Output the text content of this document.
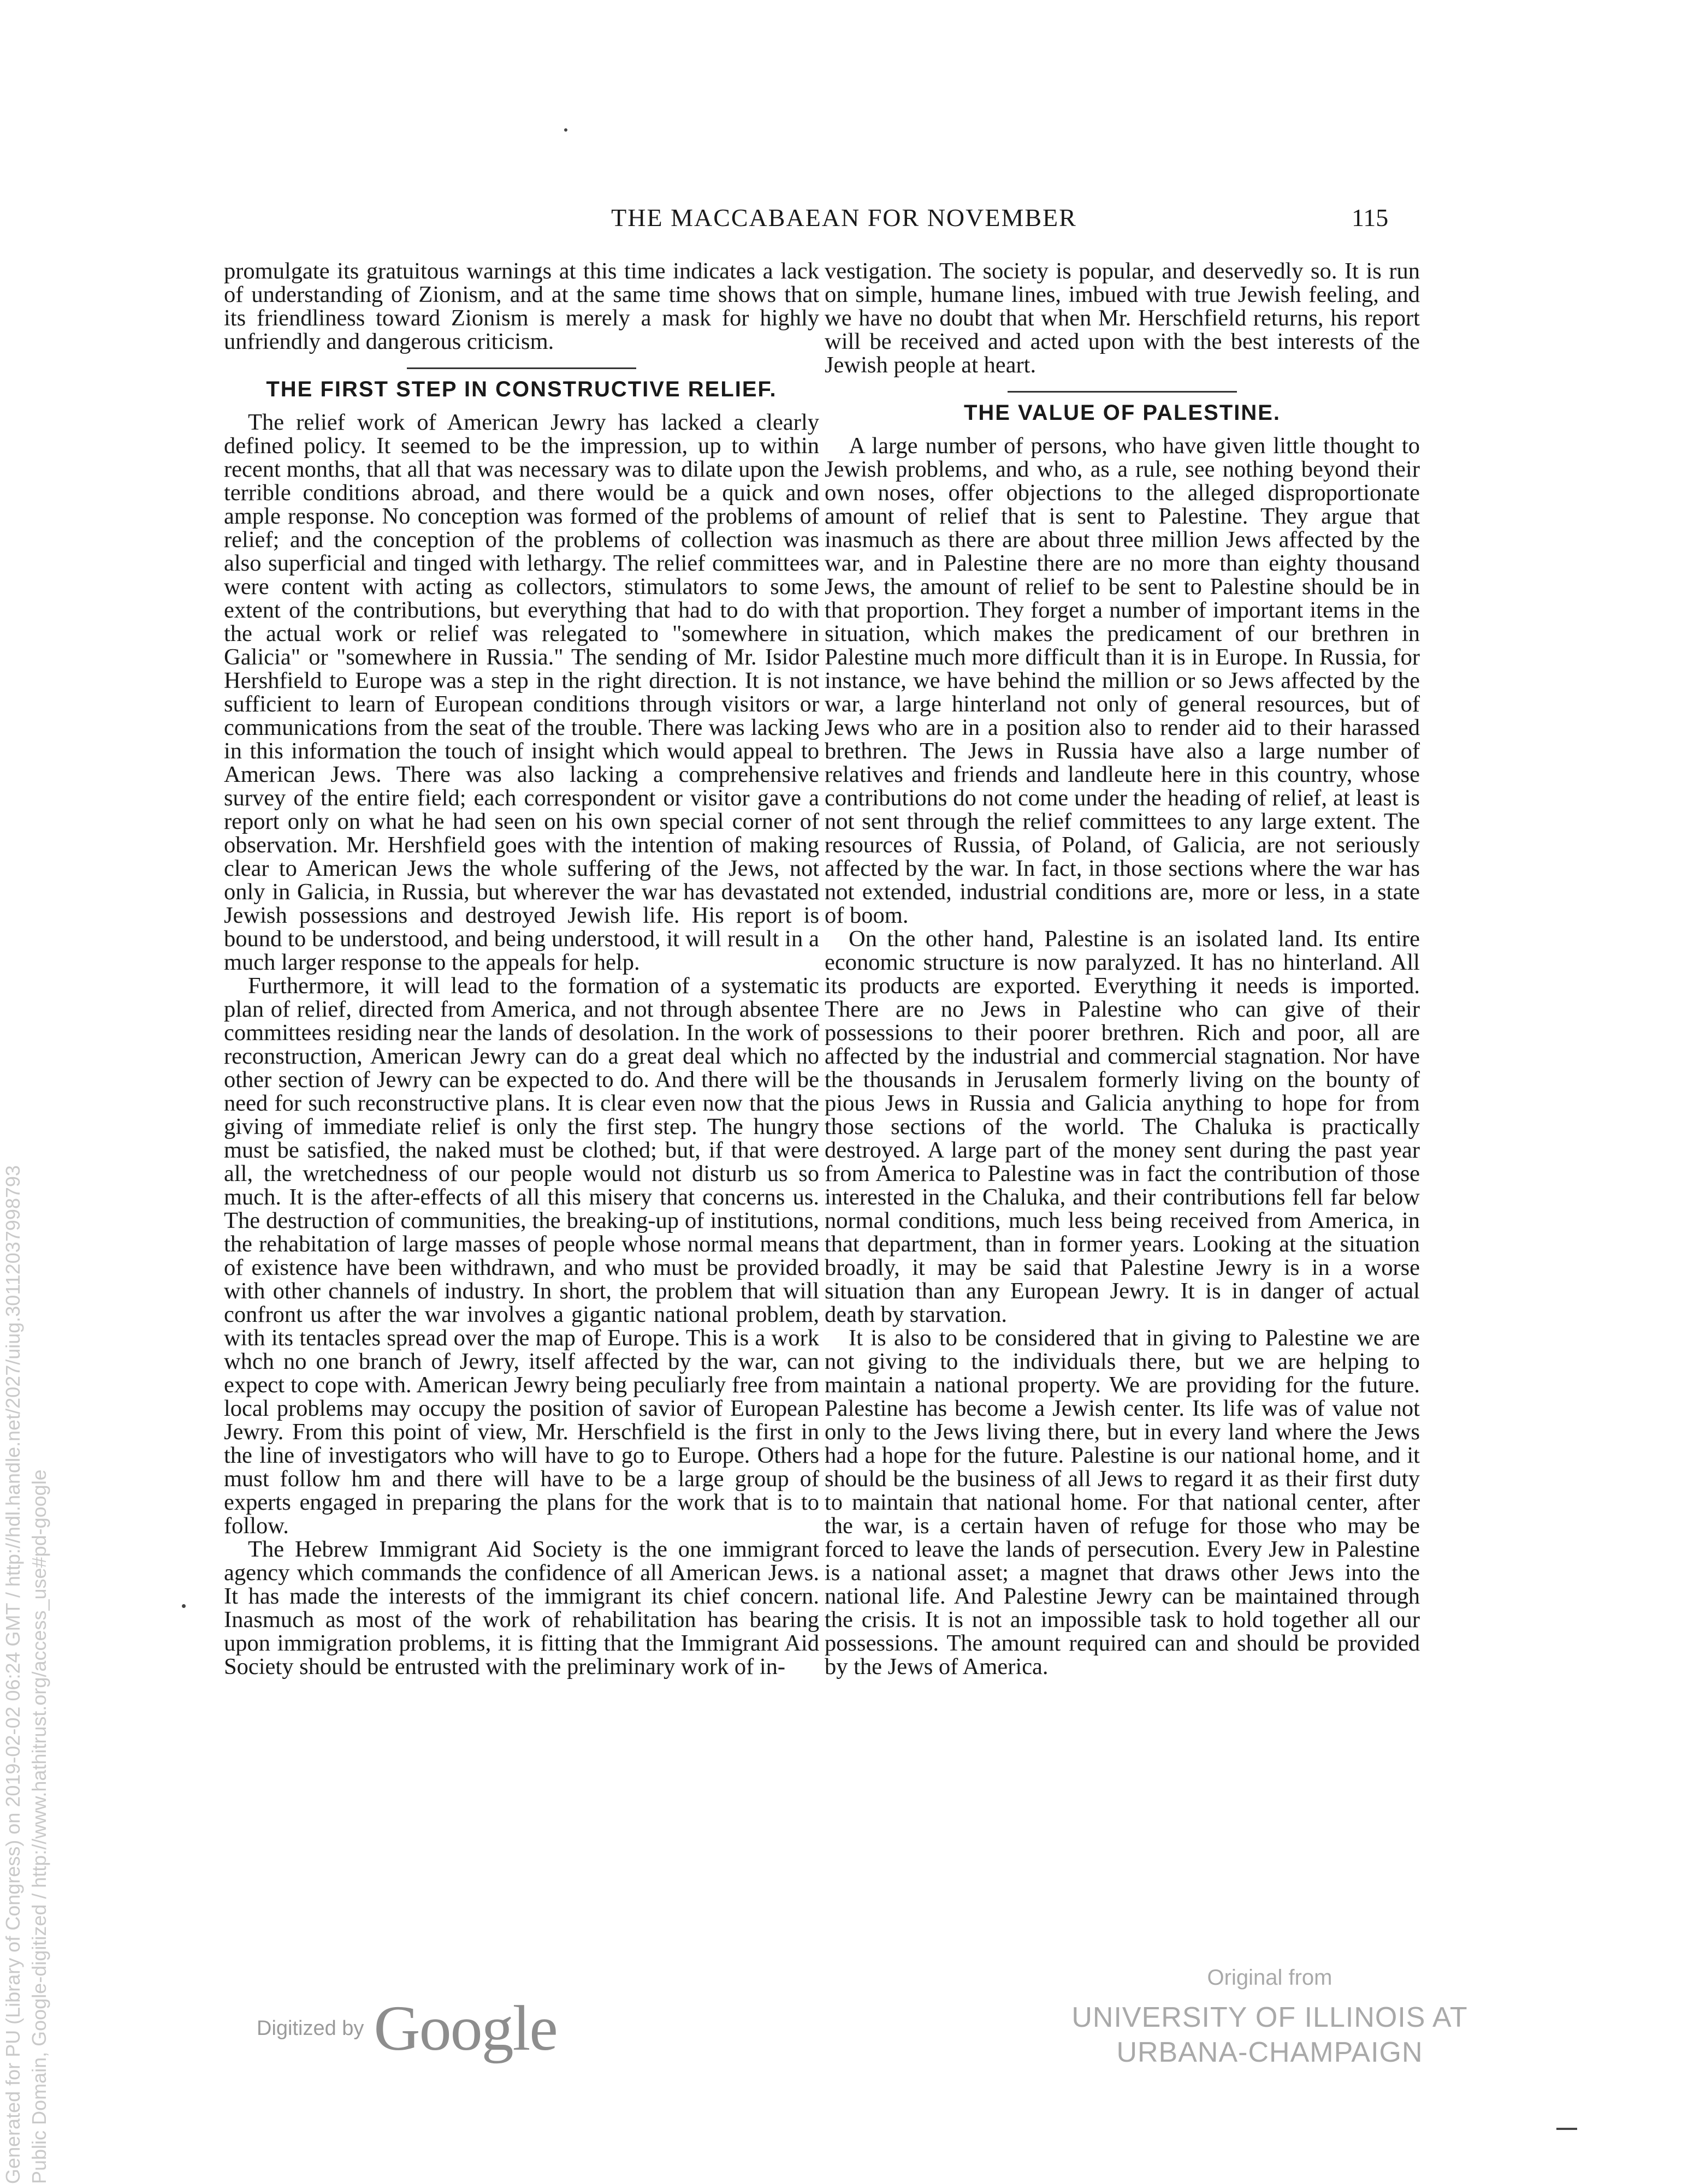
THE MACCABAEAN FOR NOVEMBER	115

promulgate its gratuitous warnings at this time indicates a lack of understanding of Zionism, and at the same time shows that its friendliness toward Zionism is merely a mask for highly unfriendly and dangerous criticism.

THE FIRST STEP IN CONSTRUCTIVE RELIEF.

The relief work of American Jewry has lacked a clearly defined policy. It seemed to be the impression, up to within recent months, that all that was necessary was to dilate upon the terrible conditions abroad, and there would be a quick and ample response. No conception was formed of the problems of relief; and the conception of the problems of collection was also superficial and tinged with lethargy. The relief committees were content with acting as collectors, stimulators to some extent of the contributions, but everything that had to do with the actual work or relief was relegated to "somewhere in Galicia" or "somewhere in Russia." The sending of Mr. Isidor Hershfield to Europe was a step in the right direction. It is not sufficient to learn of European conditions through visitors or communications from the seat of the trouble. There was lacking in this information the touch of insight which would appeal to American Jews. There was also lacking a comprehensive survey of the entire field; each correspondent or visitor gave a report only on what he had seen on his own special corner of observation. Mr. Hershfield goes with the intention of making clear to American Jews the whole suffering of the Jews, not only in Galicia, in Russia, but wherever the war has devastated Jewish possessions and destroyed Jewish life. His report is bound to be understood, and being understood, it will result in a much larger response to the appeals for help.

Furthermore, it will lead to the formation of a systematic plan of relief, directed from America, and not through absentee committees residing near the lands of desolation. In the work of reconstruction, American Jewry can do a great deal which no other section of Jewry can be expected to do. And there will be need for such reconstructive plans. It is clear even now that the giving of immediate relief is only the first step. The hungry must be satisfied, the naked must be clothed; but, if that were all, the wretchedness of our people would not disturb us so much. It is the after-effects of all this misery that concerns us. The destruction of communities, the breaking-up of institutions, the rehabitation of large masses of people whose normal means of existence have been withdrawn, and who must be provided with other channels of industry. In short, the problem that will confront us after the war involves a gigantic national problem, with its tentacles spread over the map of Europe. This is a work whch no one branch of Jewry, itself affected by the war, can expect to cope with. American Jewry being peculiarly free from local problems may occupy the position of savior of European Jewry. From this point of view, Mr. Herschfield is the first in the line of investigators who will have to go to Europe. Others must follow hm and there will have to be a large group of experts engaged in preparing the plans for the work that is to follow.

The Hebrew Immigrant Aid Society is the one immigrant agency which commands the confidence of all American Jews. It has made the interests of the immigrant its chief concern. Inasmuch as most of the work of rehabilitation has bearing upon immigration problems, it is fitting that the Immigrant Aid Society should be entrusted with the preliminary work of in-

vestigation. The society is popular, and deservedly so. It is run on simple, humane lines, imbued with true Jewish feeling, and we have no doubt that when Mr. Herschfield returns, his report will be received and acted upon with the best interests of the Jewish people at heart.

THE VALUE OF PALESTINE.

A large number of persons, who have given little thought to Jewish problems, and who, as a rule, see nothing beyond their own noses, offer objections to the alleged disproportionate amount of relief that is sent to Palestine. They argue that inasmuch as there are about three million Jews affected by the war, and in Palestine there are no more than eighty thousand Jews, the amount of relief to be sent to Palestine should be in that proportion. They forget a number of important items in the situation, which makes the predicament of our brethren in Palestine much more difficult than it is in Europe. In Russia, for instance, we have behind the million or so Jews affected by the war, a large hinterland not only of general resources, but of Jews who are in a position also to render aid to their harassed brethren. The Jews in Russia have also a large number of relatives and friends and landleute here in this country, whose contributions do not come under the heading of relief, at least is not sent through the relief committees to any large extent. The resources of Russia, of Poland, of Galicia, are not seriously affected by the war. In fact, in those sections where the war has not extended, industrial conditions are, more or less, in a state of boom.

On the other hand, Palestine is an isolated land. Its entire economic structure is now paralyzed. It has no hinterland. All its products are exported. Everything it needs is imported. There are no Jews in Palestine who can give of their possessions to their poorer brethren. Rich and poor, all are affected by the industrial and commercial stagnation. Nor have the thousands in Jerusalem formerly living on the bounty of pious Jews in Russia and Galicia anything to hope for from those sections of the world. The Chaluka is practically destroyed. A large part of the money sent during the past year from America to Palestine was in fact the contribution of those interested in the Chaluka, and their contributions fell far below normal conditions, much less being received from America, in that department, than in former years. Looking at the situation broadly, it may be said that Palestine Jewry is in a worse situation than any European Jewry. It is in danger of actual death by starvation.

It is also to be considered that in giving to Palestine we are not giving to the individuals there, but we are helping to maintain a national property. We are providing for the future. Palestine has become a Jewish center. Its life was of value not only to the Jews living there, but in every land where the Jews had a hope for the future. Palestine is our national home, and it should be the business of all Jews to regard it as their first duty to maintain that national home. For that national center, after the war, is a certain haven of refuge for those who may be forced to leave the lands of persecution. Every Jew in Palestine is a national asset; a magnet that draws other Jews into the national life. And Palestine Jewry can be maintained through the crisis. It is not an impossible task to hold together all our possessions. The amount required can and should be provided by the Jews of America.

Generated for PU (Library of Congress) on 2019-02-02 06:24 GMT / http://hdl.handle.net/2027/uiug.30112037998793 Public Domain, Google-digitized / http://www.hathitrust.org/access_use#pd-google	Digitized by Google
Original from
UNIVERSITY OF ILLINOIS AT
URBANA-CHAMPAIGN
